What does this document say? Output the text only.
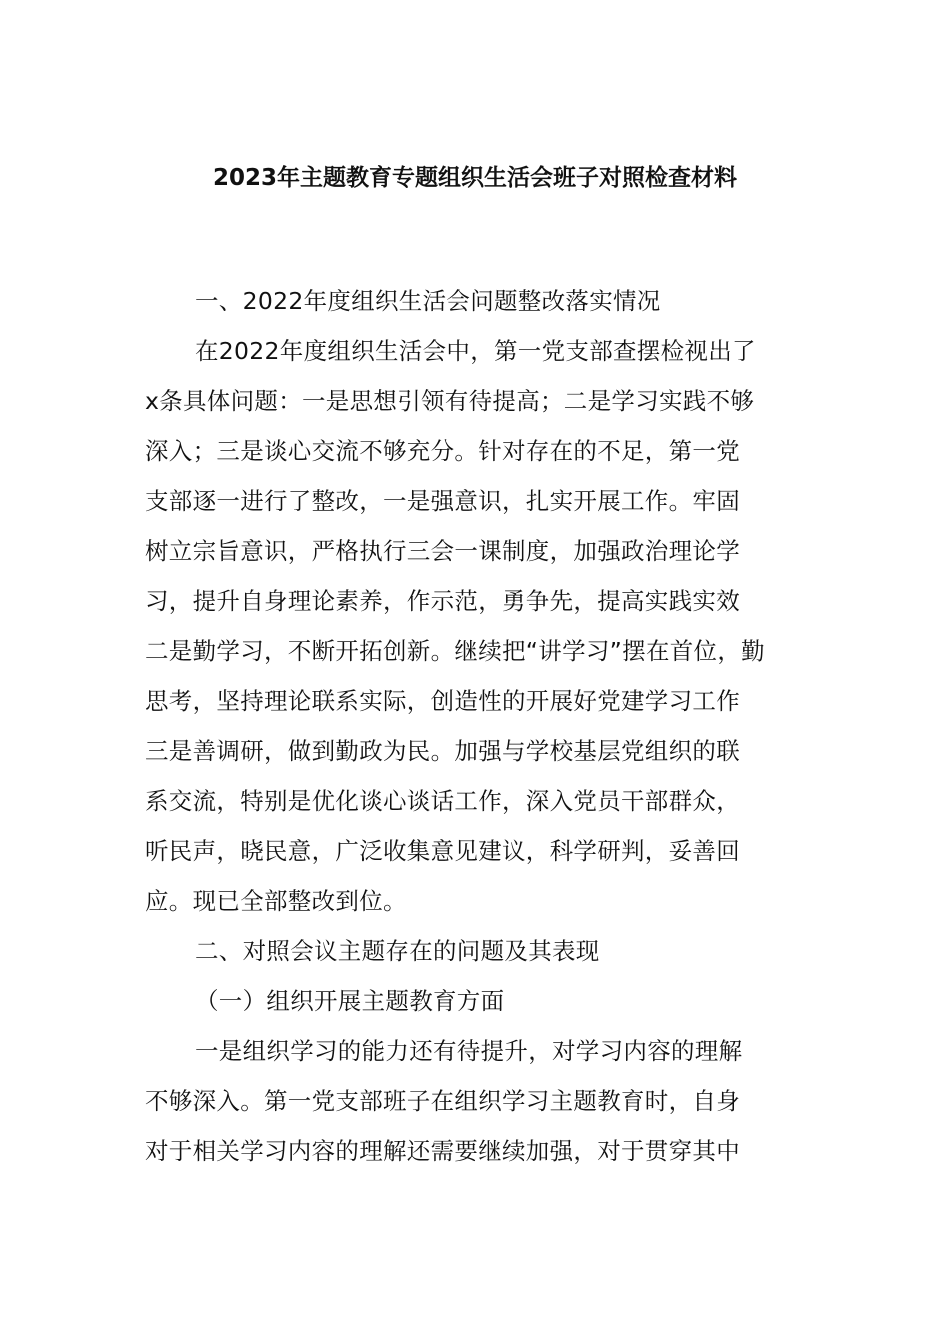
2023年主题教育专题组织生活会班子对照检查材料
一、2022年度组织生活会问题整改落实情况
在2022年度组织生活会中，第一党支部查摆检视出了
x条具体问题：一是思想引领有待提高；二是学习实践不够
深入；三是谈心交流不够充分。针对存在的不足，第一党
支部逐一进行了整改，一是强意识，扎实开展工作。牢固
树立宗旨意识，严格执行三会一课制度，加强政治理论学
习，提升自身理论素养，作示范，勇争先，提高实践实效
二是勤学习，不断开拓创新。继续把“讲学习”摆在首位，勤
思考，坚持理论联系实际，创造性的开展好党建学习工作
三是善调研，做到勤政为民。加强与学校基层党组织的联
系交流，特别是优化谈心谈话工作，深入党员干部群众，
听民声，晓民意，广泛收集意见建议，科学研判，妥善回
应。现已全部整改到位。
二、对照会议主题存在的问题及其表现
（一）组织开展主题教育方面
一是组织学习的能力还有待提升，对学习内容的理解
不够深入。第一党支部班子在组织学习主题教育时，自身
对于相关学习内容的理解还需要继续加强，对于贯穿其中
